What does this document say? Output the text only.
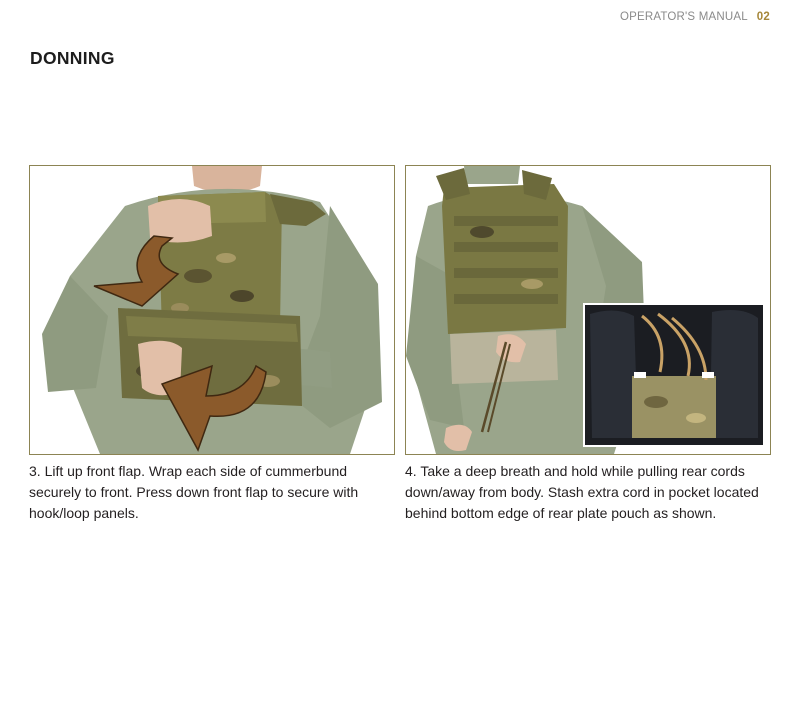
OPERATOR'S MANUAL 02
DONNING

3. Lift up front flap. Wrap each side of cummerbund securely to front. Press down front flap to secure with hook/loop panels.

4. Take a deep breath and hold while pulling rear cords down/away from body. Stash extra cord in pocket located behind bottom edge of rear plate pouch as shown.
